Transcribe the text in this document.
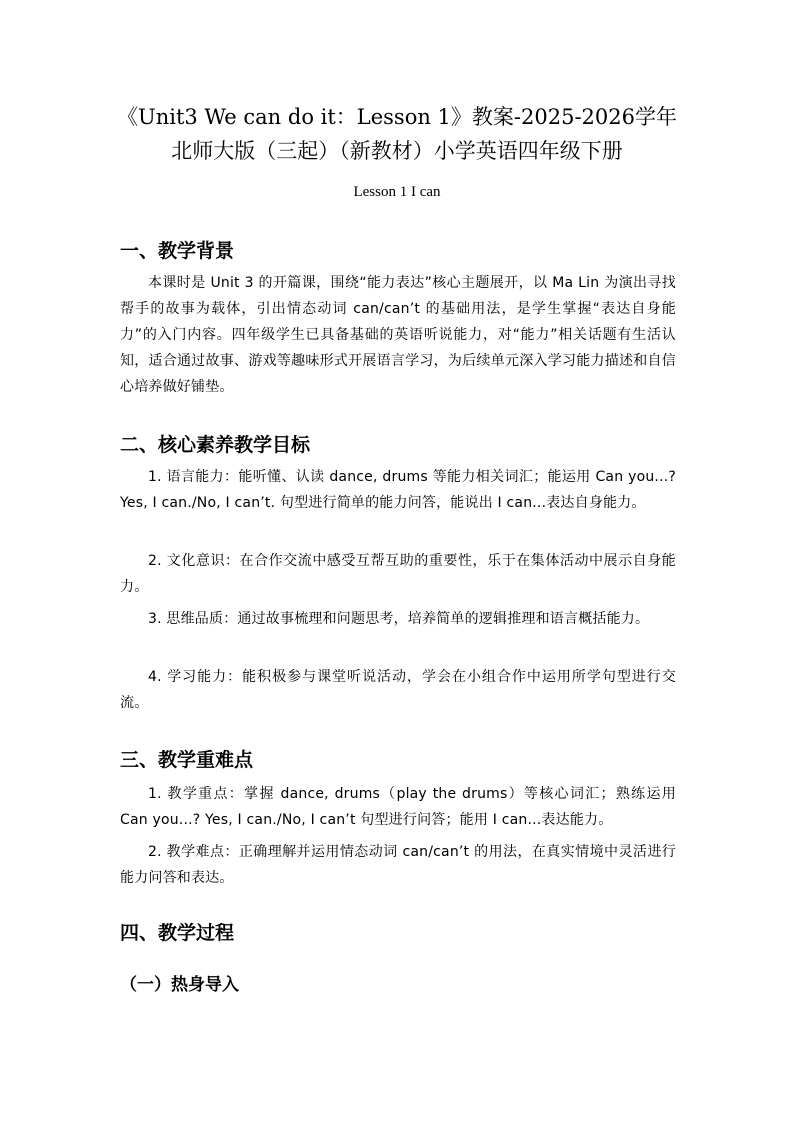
《Unit3 We can do it：Lesson 1》教案-2025-2026学年
北师大版（三起）（新教材）小学英语四年级下册
Lesson 1 I can
一、教学背景
本课时是 Unit 3 的开篇课，围绕“能力表达”核心主题展开，以 Ma Lin 为演出寻找帮手的故事为载体，引出情态动词 can/can’t 的基础用法，是学生掌握“表达自身能力”的入门内容。四年级学生已具备基础的英语听说能力，对“能力”相关话题有生活认知，适合通过故事、游戏等趣味形式开展语言学习，为后续单元深入学习能力描述和自信心培养做好铺垫。
二、核心素养教学目标
1. 语言能力：能听懂、认读 dance, drums 等能力相关词汇；能运用 Can you...? Yes, I can./No, I can’t. 句型进行简单的能力问答，能说出 I can...表达自身能力。
2. 文化意识：在合作交流中感受互帮互助的重要性，乐于在集体活动中展示自身能力。
3. 思维品质：通过故事梳理和问题思考，培养简单的逻辑推理和语言概括能力。
4. 学习能力：能积极参与课堂听说活动，学会在小组合作中运用所学句型进行交流。
三、教学重难点
1. 教学重点：掌握 dance, drums（play the drums）等核心词汇；熟练运用 Can you...? Yes, I can./No, I can’t 句型进行问答；能用 I can...表达能力。
2. 教学难点：正确理解并运用情态动词 can/can’t 的用法，在真实情境中灵活进行能力问答和表达。
四、教学过程
（一）热身导入
